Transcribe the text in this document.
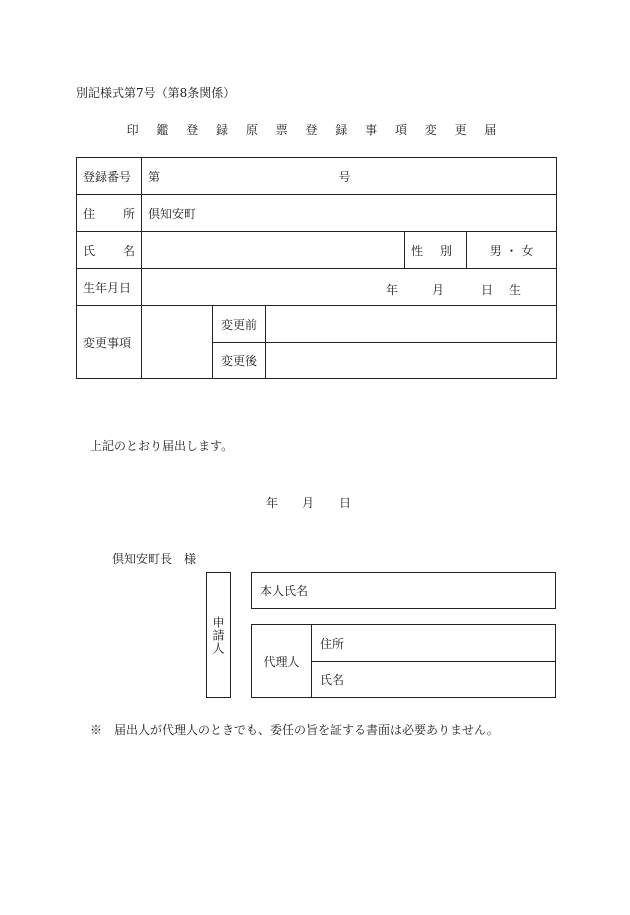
別記様式第7号（第8条関係）
印 鑑 登 録 原 票 登 録 事 項 変 更 届
登録番号	第 号				

住 所	倶知安町				

氏 名				性 別	男 ・ 女
生年月日	年 月 日 生				

変更事項		変更前			
		変更後			
上記のとおり届出します。
年 月 日
倶知安町長　様
申請人
本人氏名
代理人
住所
氏名
※　届出人が代理人のときでも、委任の旨を証する書面は必要ありません。
